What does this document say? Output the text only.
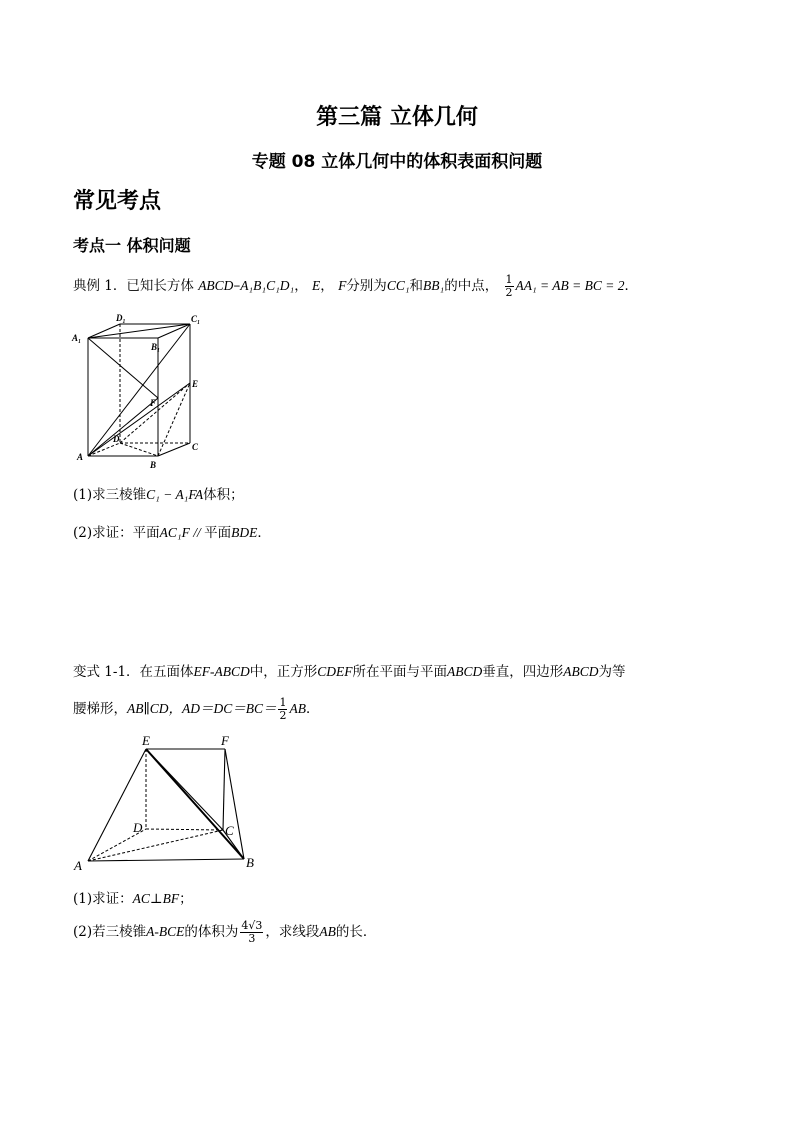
第三篇 立体几何
专题 08 立体几何中的体积表面积问题
常见考点
考点一 体积问题
典例 1．已知长方体 ABCD–A₁B₁C₁D₁， E， F分别为CC₁和BB₁的中点， $\frac{1}{2} AA_1$ = AB = BC = 2．
D₁	C₁
A₁
B₁
E
F
D
C
A
B
(1)求三棱锥C₁ − A₁FA体积；
(2)求证：平面AC₁F // 平面BDE．
变式 1-1．在五面体EF-ABCD中，正方形CDEF所在平面与平面ABCD垂直，四边形ABCD为等
腰梯形，AB∥CD，$AD=DC=BC= \frac{1}{2}$ AB．
E	F
D	C
A	B
(1)求证：AC⊥BF；
(2)若三棱锥A-BCE的体积为 $\frac{4√3}{3}$ ，求线段AB的长．
